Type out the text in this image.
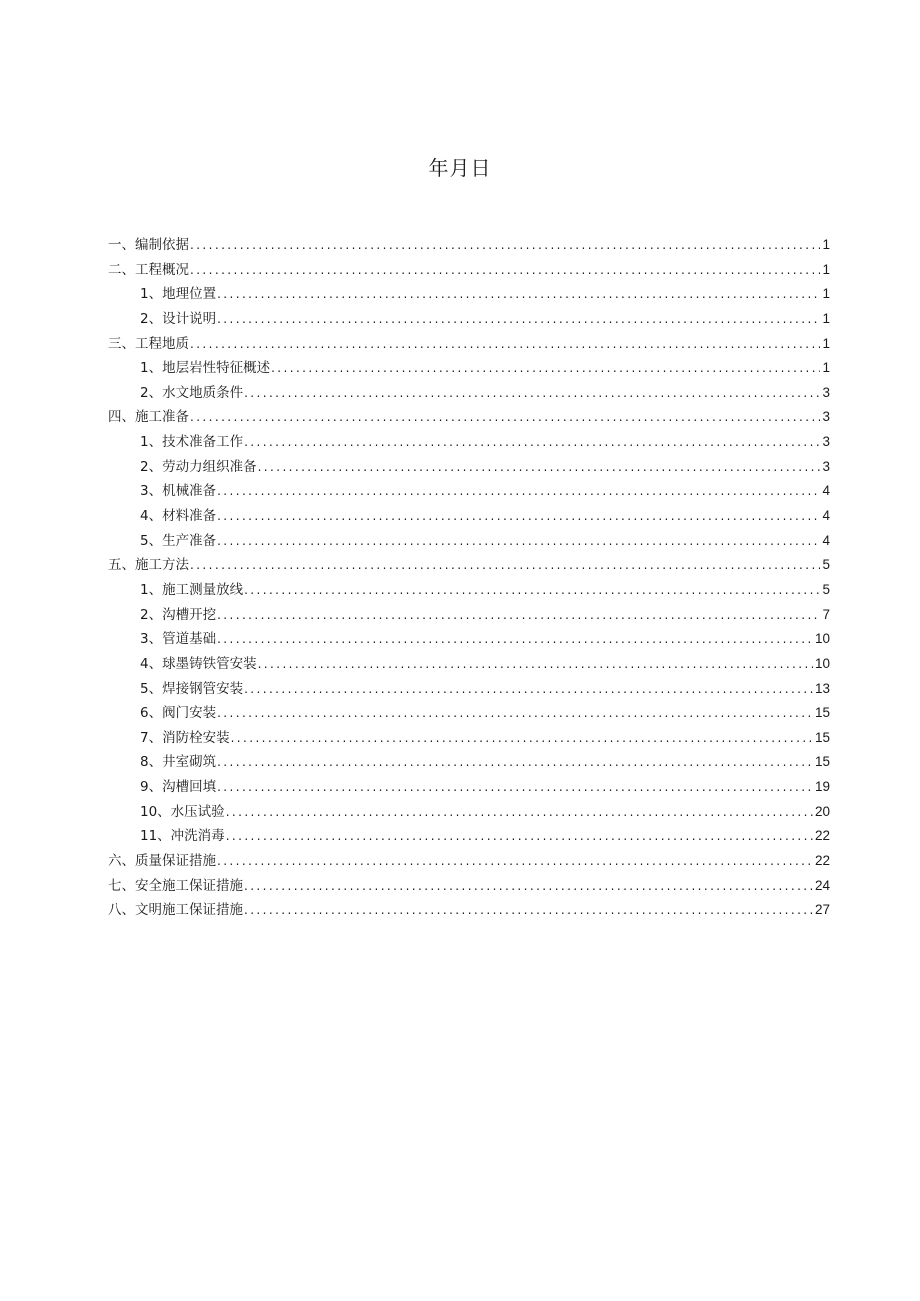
年月日
一、编制依据 .....	1
二、工程概况 .....	1
1、地理位置 .....	1
2、设计说明 .....	1
三、工程地质 .....	1
1、地层岩性特征概述 .....	1
2、水文地质条件 .....	3
四、施工准备 .....	3
1、技术准备工作 .....	3
2、劳动力组织准备 .....	3
3、机械准备 .....	4
4、材料准备 .....	4
5、生产准备 .....	4
五、施工方法 .....	5
1、施工测量放线 .....	5
2、沟槽开挖 .....	7
3、管道基础 .....	10
4、球墨铸铁管安装 .....	10
5、焊接钢管安装 .....	13
6、阀门安装 .....	15
7、消防栓安装 .....	15
8、井室砌筑 .....	15
9、沟槽回填 .....	19
10、水压试验 .....	20
11、冲洗消毒 .....	22
六、质量保证措施 .....	22
七、安全施工保证措施 .....	24
八、文明施工保证措施 .....	27
